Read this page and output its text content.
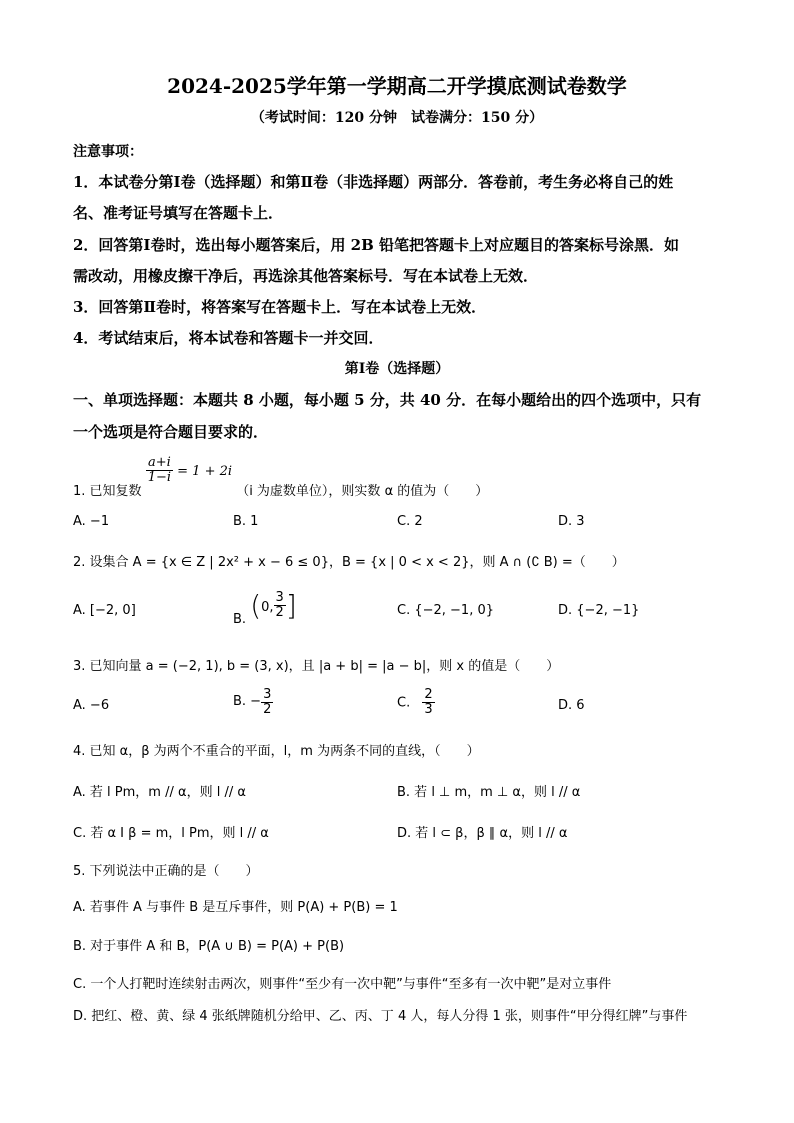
2024-2025学年第一学期高二开学摸底测试卷数学
（考试时间：120 分钟　试卷满分：150 分）
注意事项：
1．本试卷分第Ⅰ卷（选择题）和第Ⅱ卷（非选择题）两部分．答卷前，考生务必将自己的姓
名、准考证号填写在答题卡上．
2．回答第Ⅰ卷时，选出每小题答案后，用 2B 铅笔把答题卡上对应题目的答案标号涂黑．如
需改动，用橡皮擦干净后，再选涂其他答案标号．写在本试卷上无效．
3．回答第Ⅱ卷时，将答案写在答题卡上．写在本试卷上无效．
4．考试结束后，将本试卷和答题卡一并交回．
第Ⅰ卷（选择题）
一、单项选择题：本题共 8 小题，每小题 5 分，共 40 分．在每小题给出的四个选项中，只有
一个选项是符合题目要求的．
1. 已知复数
$\frac{a+i}{1-i} = 1 + 2i$ （i 为虚数单位），则实数 α 的值为（　　）
A. −1	B. 1	C. 2	D. 3
2. 设集合 A = {x ∈ Z | 2x² + x − 6 ≤ 0}，B = {x | 0 < x < 2}，则 A ∩ (∁ B) =（　　）
A. [−2, 0]
B. (0, $\frac{3}{2}$ ]	C. {−2, −1, 0}	D. {−2, −1}
3. 已知向量 a = (−2, 1), b = (3, x)，且 |a + b| = |a − b|，则 x 的值是（　　）
A. −6	B. − $\frac{3}{2}$	C. $\frac{2}{3}$	D. 6
4. 已知 α，β 为两个不重合的平面，l，m 为两条不同的直线，（　　）
A. 若 l Pm，m // α，则 l // α	B. 若 l ⊥ m，m ⊥ α，则 l // α
C. 若 α I β = m，l Pm，则 l // α	D. 若 l ⊂ β，β ∥ α，则 l // α
5. 下列说法中正确的是（　　）
A. 若事件 A 与事件 B 是互斥事件，则 P(A) + P(B) = 1
B. 对于事件 A 和 B，P(A ∪ B) = P(A) + P(B)
C. 一个人打靶时连续射击两次，则事件“至少有一次中靶”与事件“至多有一次中靶”是对立事件
D. 把红、橙、黄、绿 4 张纸牌随机分给甲、乙、丙、丁 4 人，每人分得 1 张，则事件“甲分得红牌”与事件
